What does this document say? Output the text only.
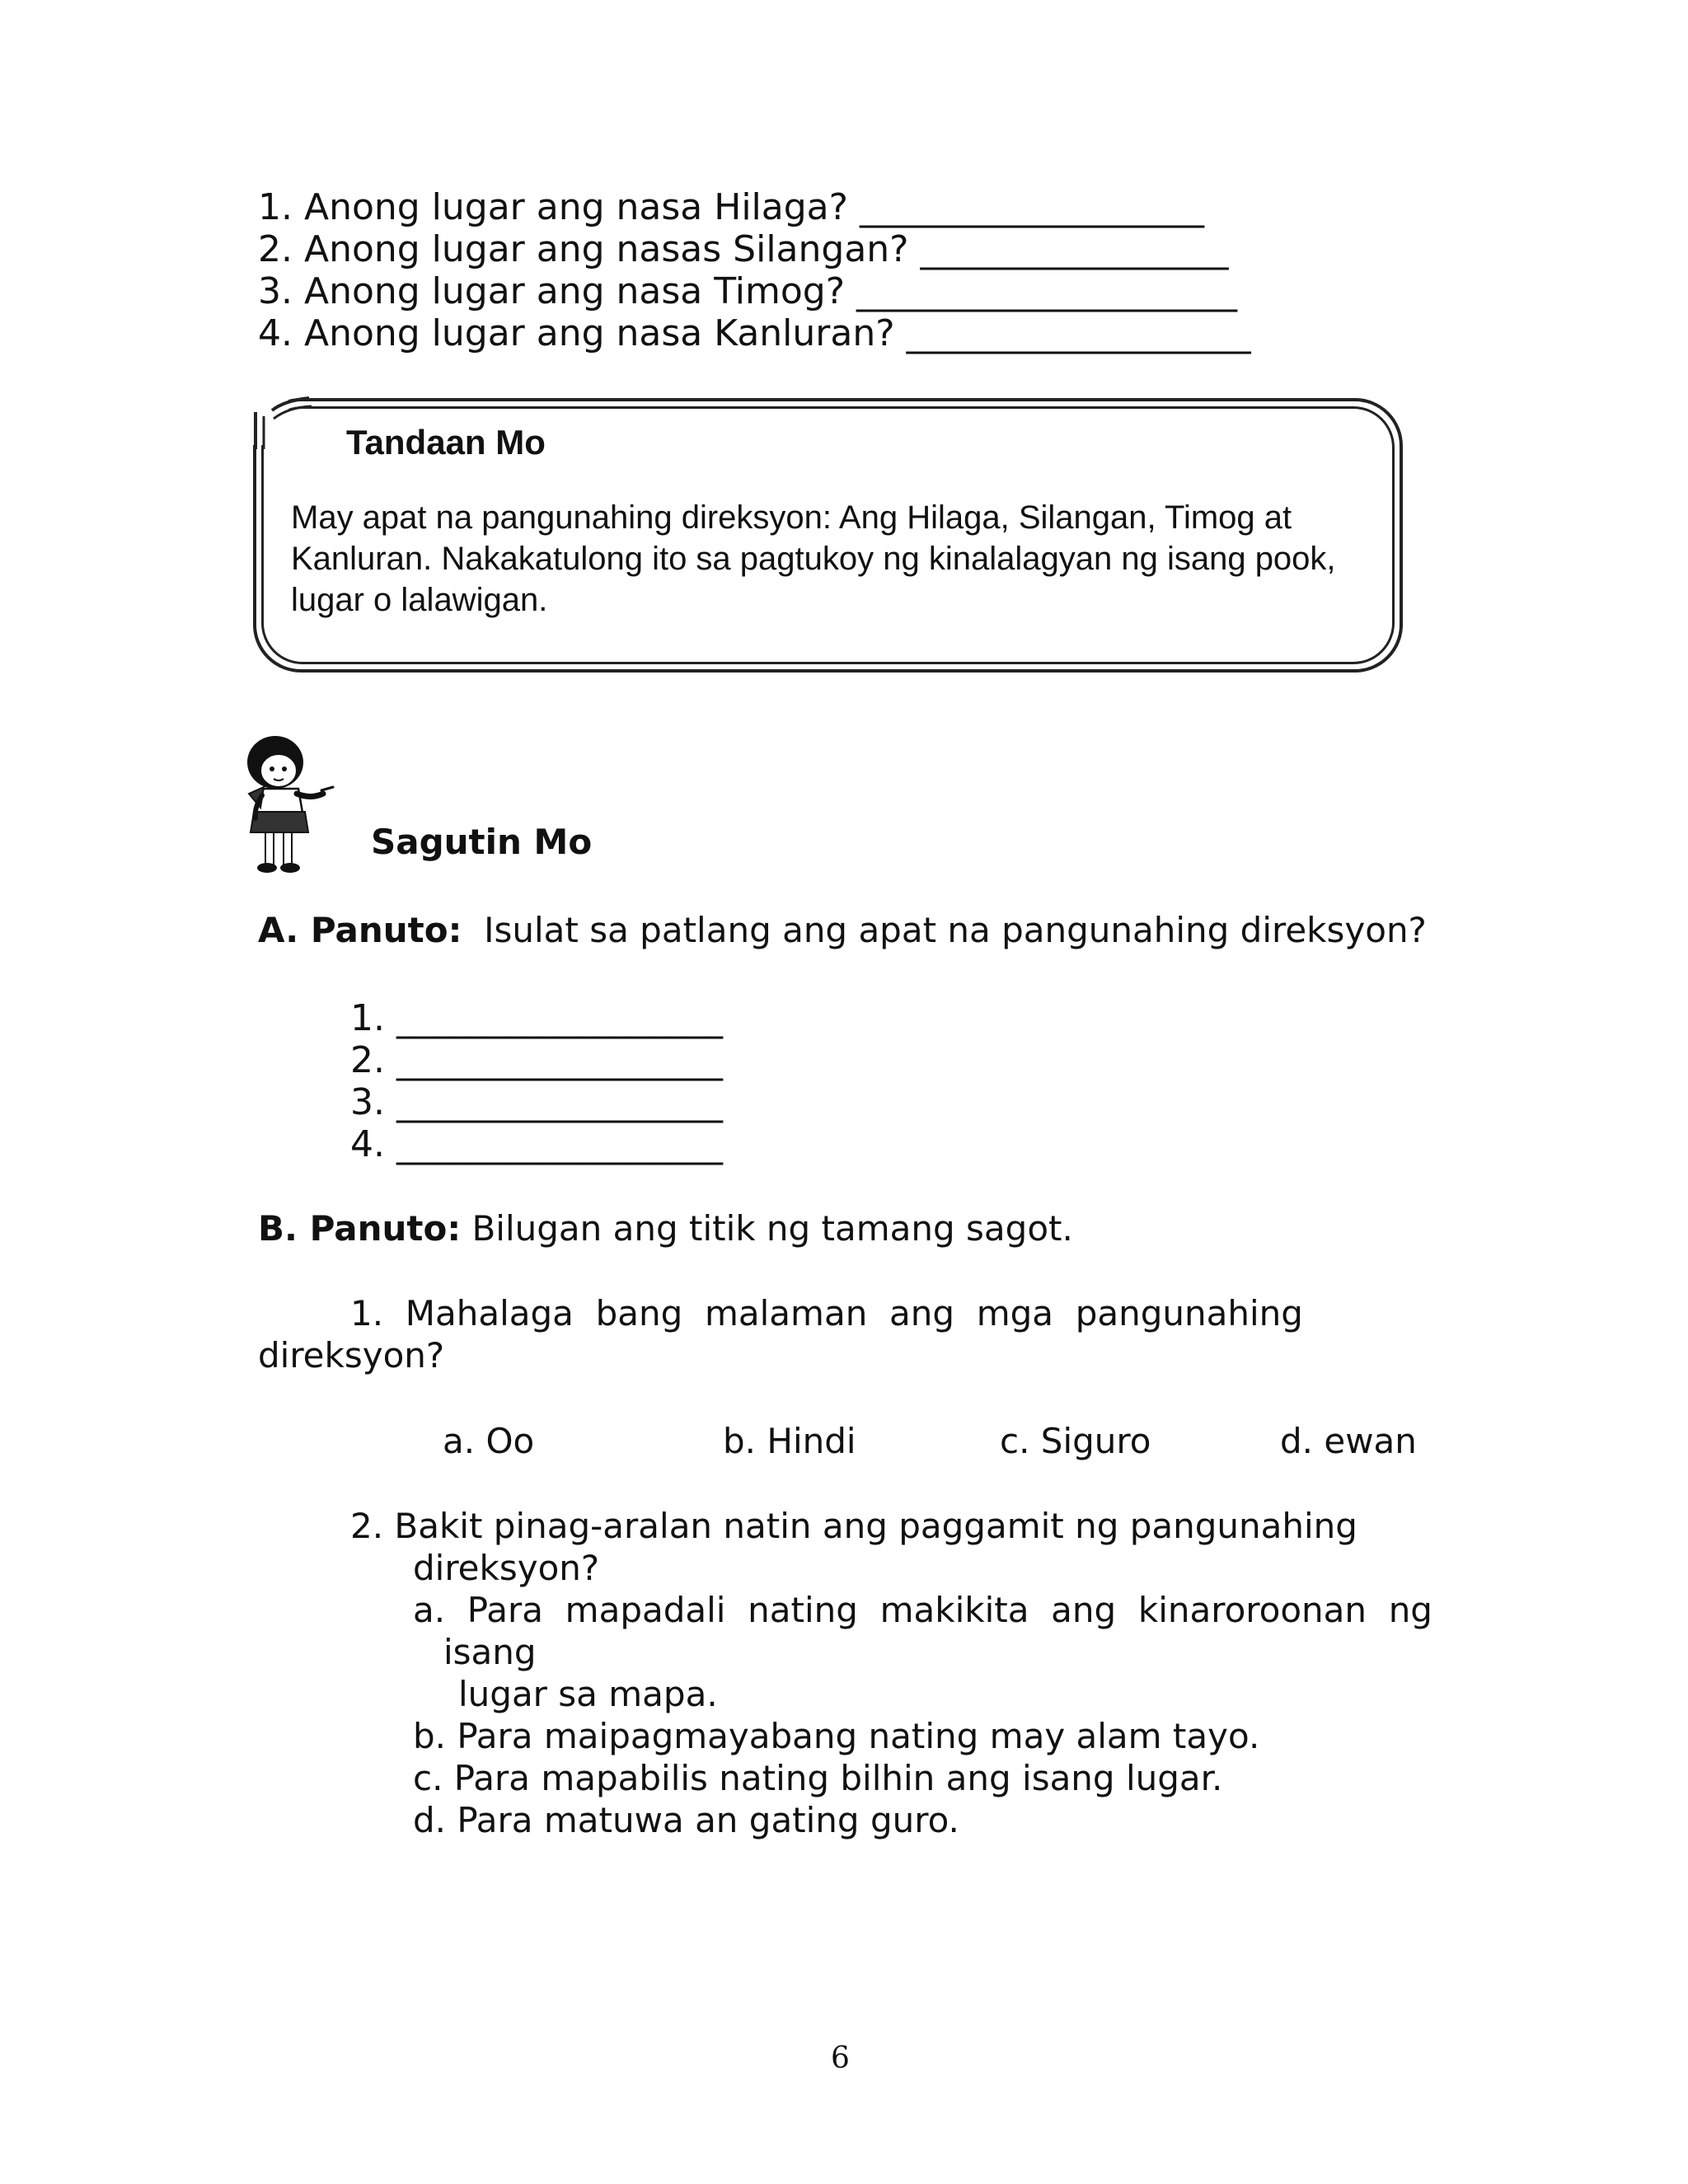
1. Anong lugar ang nasa Hilaga? ___________________
2. Anong lugar ang nasas Silangan? _________________
3. Anong lugar ang nasa Timog? _____________________
4. Anong lugar ang nasa Kanluran? ___________________
Tandaan Mo
May apat na pangunahing direksyon: Ang Hilaga, Silangan, Timog at Kanluran. Nakakatulong ito sa pagtukoy ng kinalalagyan ng isang pook, lugar o lalawigan.
Sagutin Mo
A. Panuto:  Isulat sa patlang ang apat na pangunahing direksyon?
1. __________________
2. __________________
3. __________________
4. __________________
B. Panuto: Bilugan ang titik ng tamang sagot.
1.  Mahalaga  bang  malaman  ang  mga  pangunahing
direksyon?
a. Oo	b. Hindi	c. Siguro	d. ewan
2. Bakit pinag-aralan natin ang paggamit ng pangunahing
direksyon?
a.  Para  mapadali  nating  makikita  ang  kinaroroonan  ng
isang
lugar sa mapa.
b. Para maipagmayabang nating may alam tayo.
c. Para mapabilis nating bilhin ang isang lugar.
d. Para matuwa an gating guro.
6
